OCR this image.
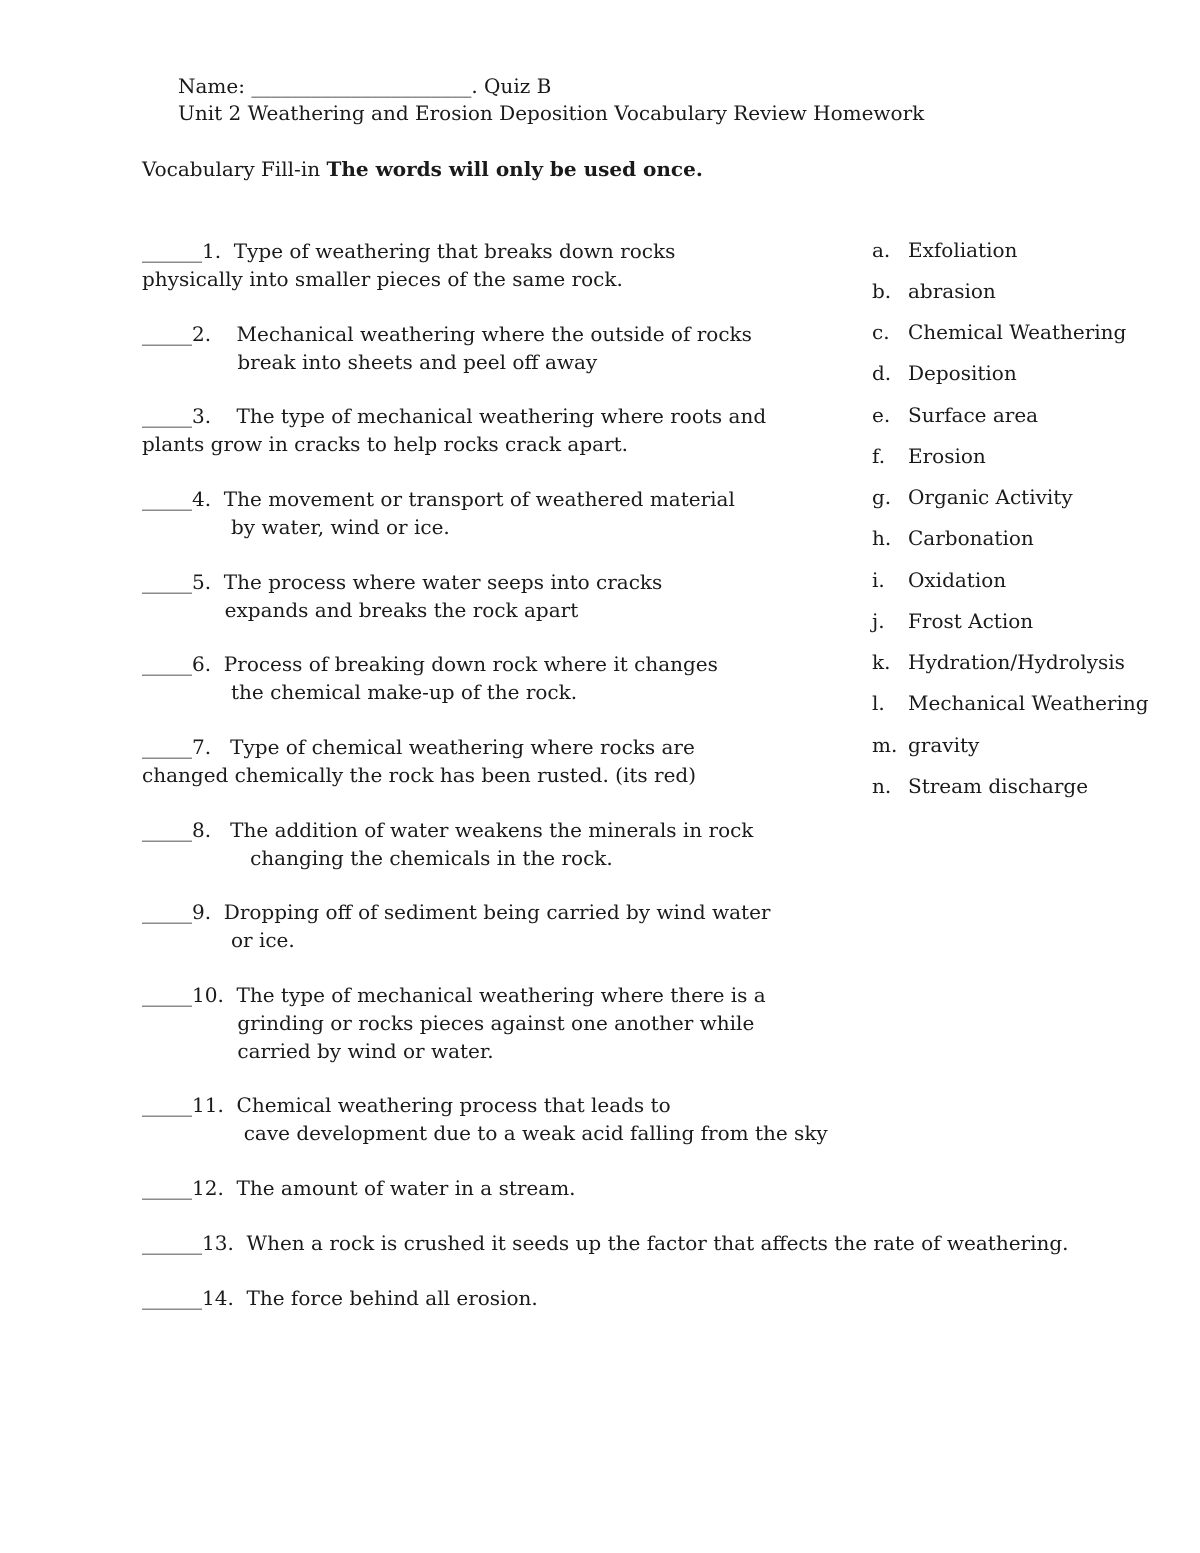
Name: ______________________. Quiz B
Unit 2 Weathering and Erosion Deposition Vocabulary Review Homework
Vocabulary Fill-in The words will only be used once.
______1.  Type of weathering that breaks down rocks
physically into smaller pieces of the same rock.
_____2.    Mechanical weathering where the outside of rocks
break into sheets and peel off away
_____3.    The type of mechanical weathering where roots and
plants grow in cracks to help rocks crack apart.
_____4.  The movement or transport of weathered material
by water, wind or ice.
_____5.  The process where water seeps into cracks
expands and breaks the rock apart
_____6.  Process of breaking down rock where it changes
the chemical make-up of the rock.
_____7.   Type of chemical weathering where rocks are
changed chemically the rock has been rusted. (its red)
_____8.   The addition of water weakens the minerals in rock
changing the chemicals in the rock.
_____9.  Dropping off of sediment being carried by wind water
or ice.
_____10.  The type of mechanical weathering where there is a
grinding or rocks pieces against one another while
carried by wind or water.
_____11.  Chemical weathering process that leads to
cave development due to a weak acid falling from the sky
_____12.  The amount of water in a stream.
______13.  When a rock is crushed it seeds up the factor that affects the rate of weathering.
______14.  The force behind all erosion.
a. Exfoliation
b. abrasion
c. Chemical Weathering
d. Deposition
e. Surface area
f. Erosion
g. Organic Activity
h. Carbonation
i. Oxidation
j. Frost Action
k. Hydration/Hydrolysis
l. Mechanical Weathering
m. gravity
n. Stream discharge
